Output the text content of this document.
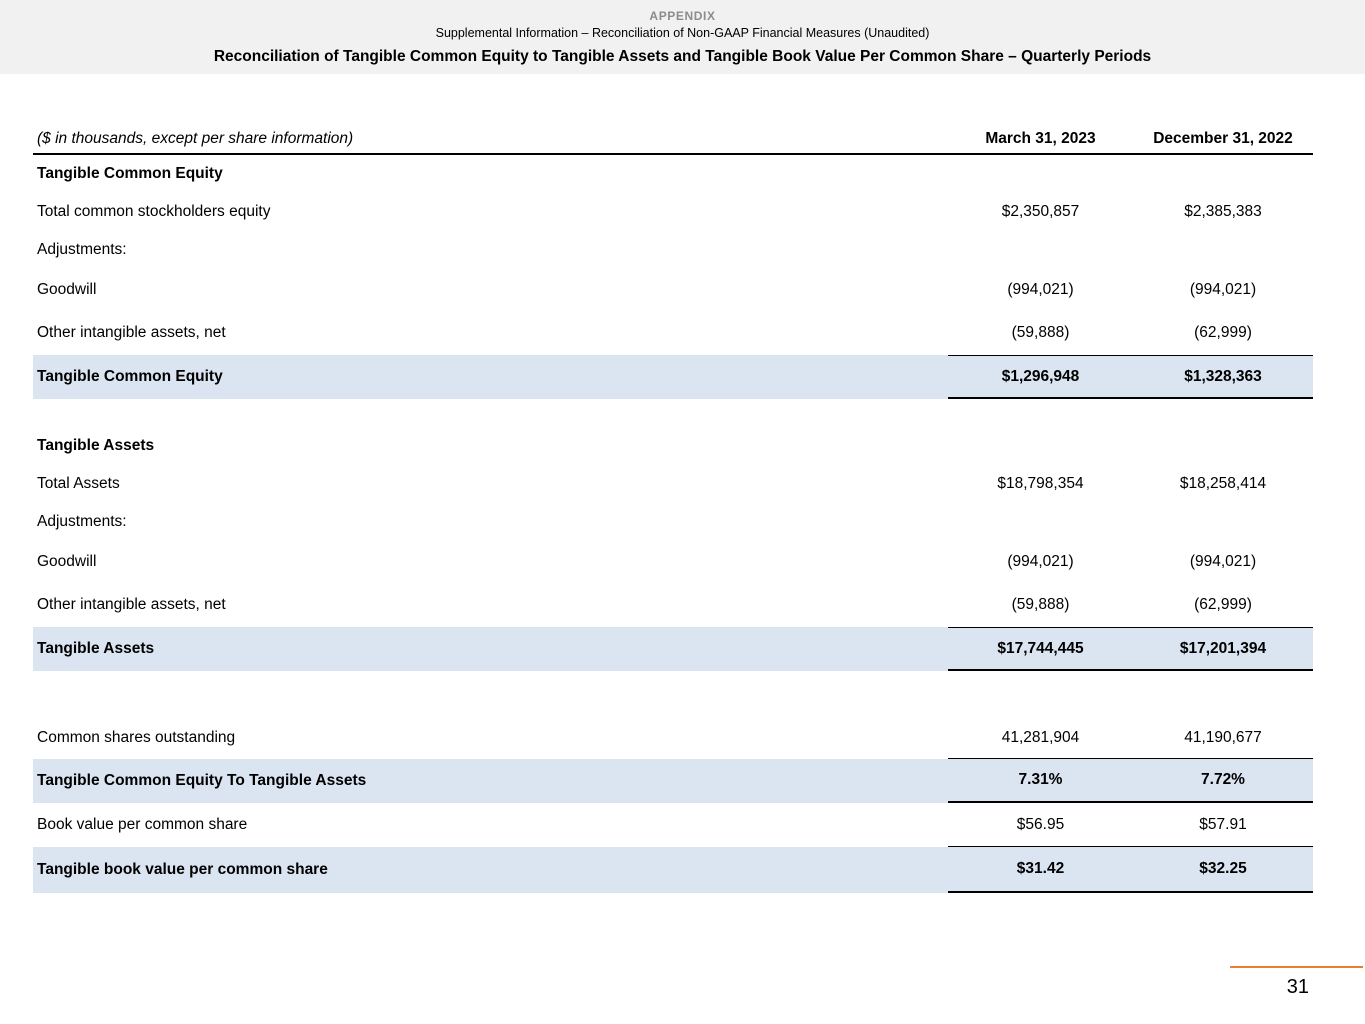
APPENDIX
Supplemental Information – Reconciliation of Non-GAAP Financial Measures (Unaudited)
Reconciliation of Tangible Common Equity to Tangible Assets and Tangible Book Value Per Common Share – Quarterly Periods
($ in thousands, except per share information)	March 31, 2023	December 31, 2022
Tangible Common Equity
Total common stockholders equity	$2,350,857	$2,385,383
Adjustments:
Goodwill	(994,021)	(994,021)
Other intangible assets, net	(59,888)	(62,999)
Tangible Common Equity	$1,296,948	$1,328,363
Tangible Assets
Total Assets	$18,798,354	$18,258,414
Adjustments:
Goodwill	(994,021)	(994,021)
Other intangible assets, net	(59,888)	(62,999)
Tangible Assets	$17,744,445	$17,201,394
Common shares outstanding	41,281,904	41,190,677
Tangible Common Equity To Tangible Assets	7.31%	7.72%
Book value per common share	$56.95	$57.91
Tangible book value per common share	$31.42	$32.25
31
